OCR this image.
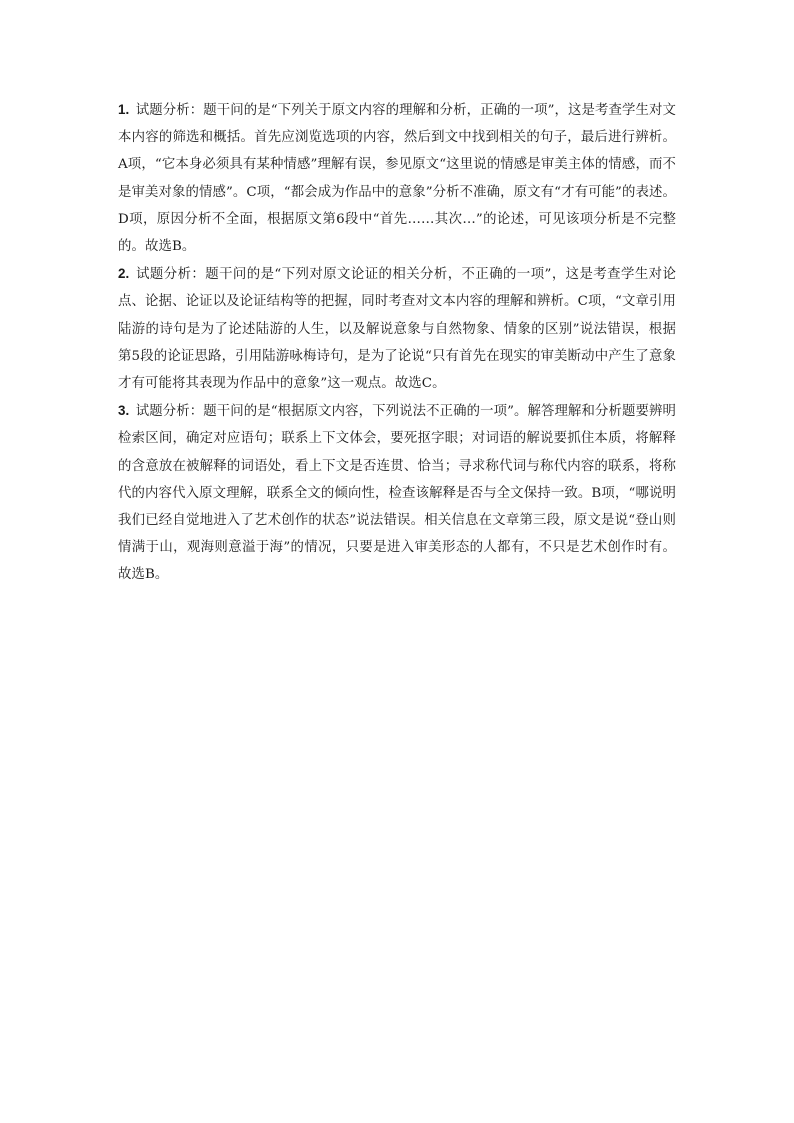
1. 试题分析：题干问的是“下列关于原文内容的理解和分析，正确的一项”，这是考查学生对文本内容的筛选和概括。首先应浏览选项的内容，然后到文中找到相关的句子，最后进行辨析。A项，“它本身必须具有某种情感”理解有误，参见原文“这里说的情感是审美主体的情感，而不是审美对象的情感”。C项，“都会成为作品中的意象”分析不准确，原文有“才有可能”的表述。D项，原因分析不全面，根据原文第6段中“首先……其次…”的论述，可见该项分析是不完整的。故选B。

2. 试题分析：题干问的是“下列对原文论证的相关分析，不正确的一项”，这是考查学生对论点、论据、论证以及论证结构等的把握，同时考查对文本内容的理解和辨析。C项，“文章引用陆游的诗句是为了论述陆游的人生，以及解说意象与自然物象、情象的区别”说法错误，根据第5段的论证思路，引用陆游咏梅诗句，是为了论说“只有首先在现实的审美断动中产生了意象才有可能将其表现为作品中的意象”这一观点。故选C。

3. 试题分析：题干问的是“根据原文内容，下列说法不正确的一项”。解答理解和分析题要辨明检索区间，确定对应语句；联系上下文体会，要死抠字眼；对词语的解说要抓住本质，将解释的含意放在被解释的词语处，看上下文是否连贯、恰当；寻求称代词与称代内容的联系，将称代的内容代入原文理解，联系全文的倾向性，检查该解释是否与全文保持一致。B项，“哪说明我们已经自觉地进入了艺术创作的状态”说法错误。相关信息在文章第三段，原文是说“登山则情满于山，观海则意溢于海”的情况，只要是进入审美形态的人都有，不只是艺术创作时有。故选B。
